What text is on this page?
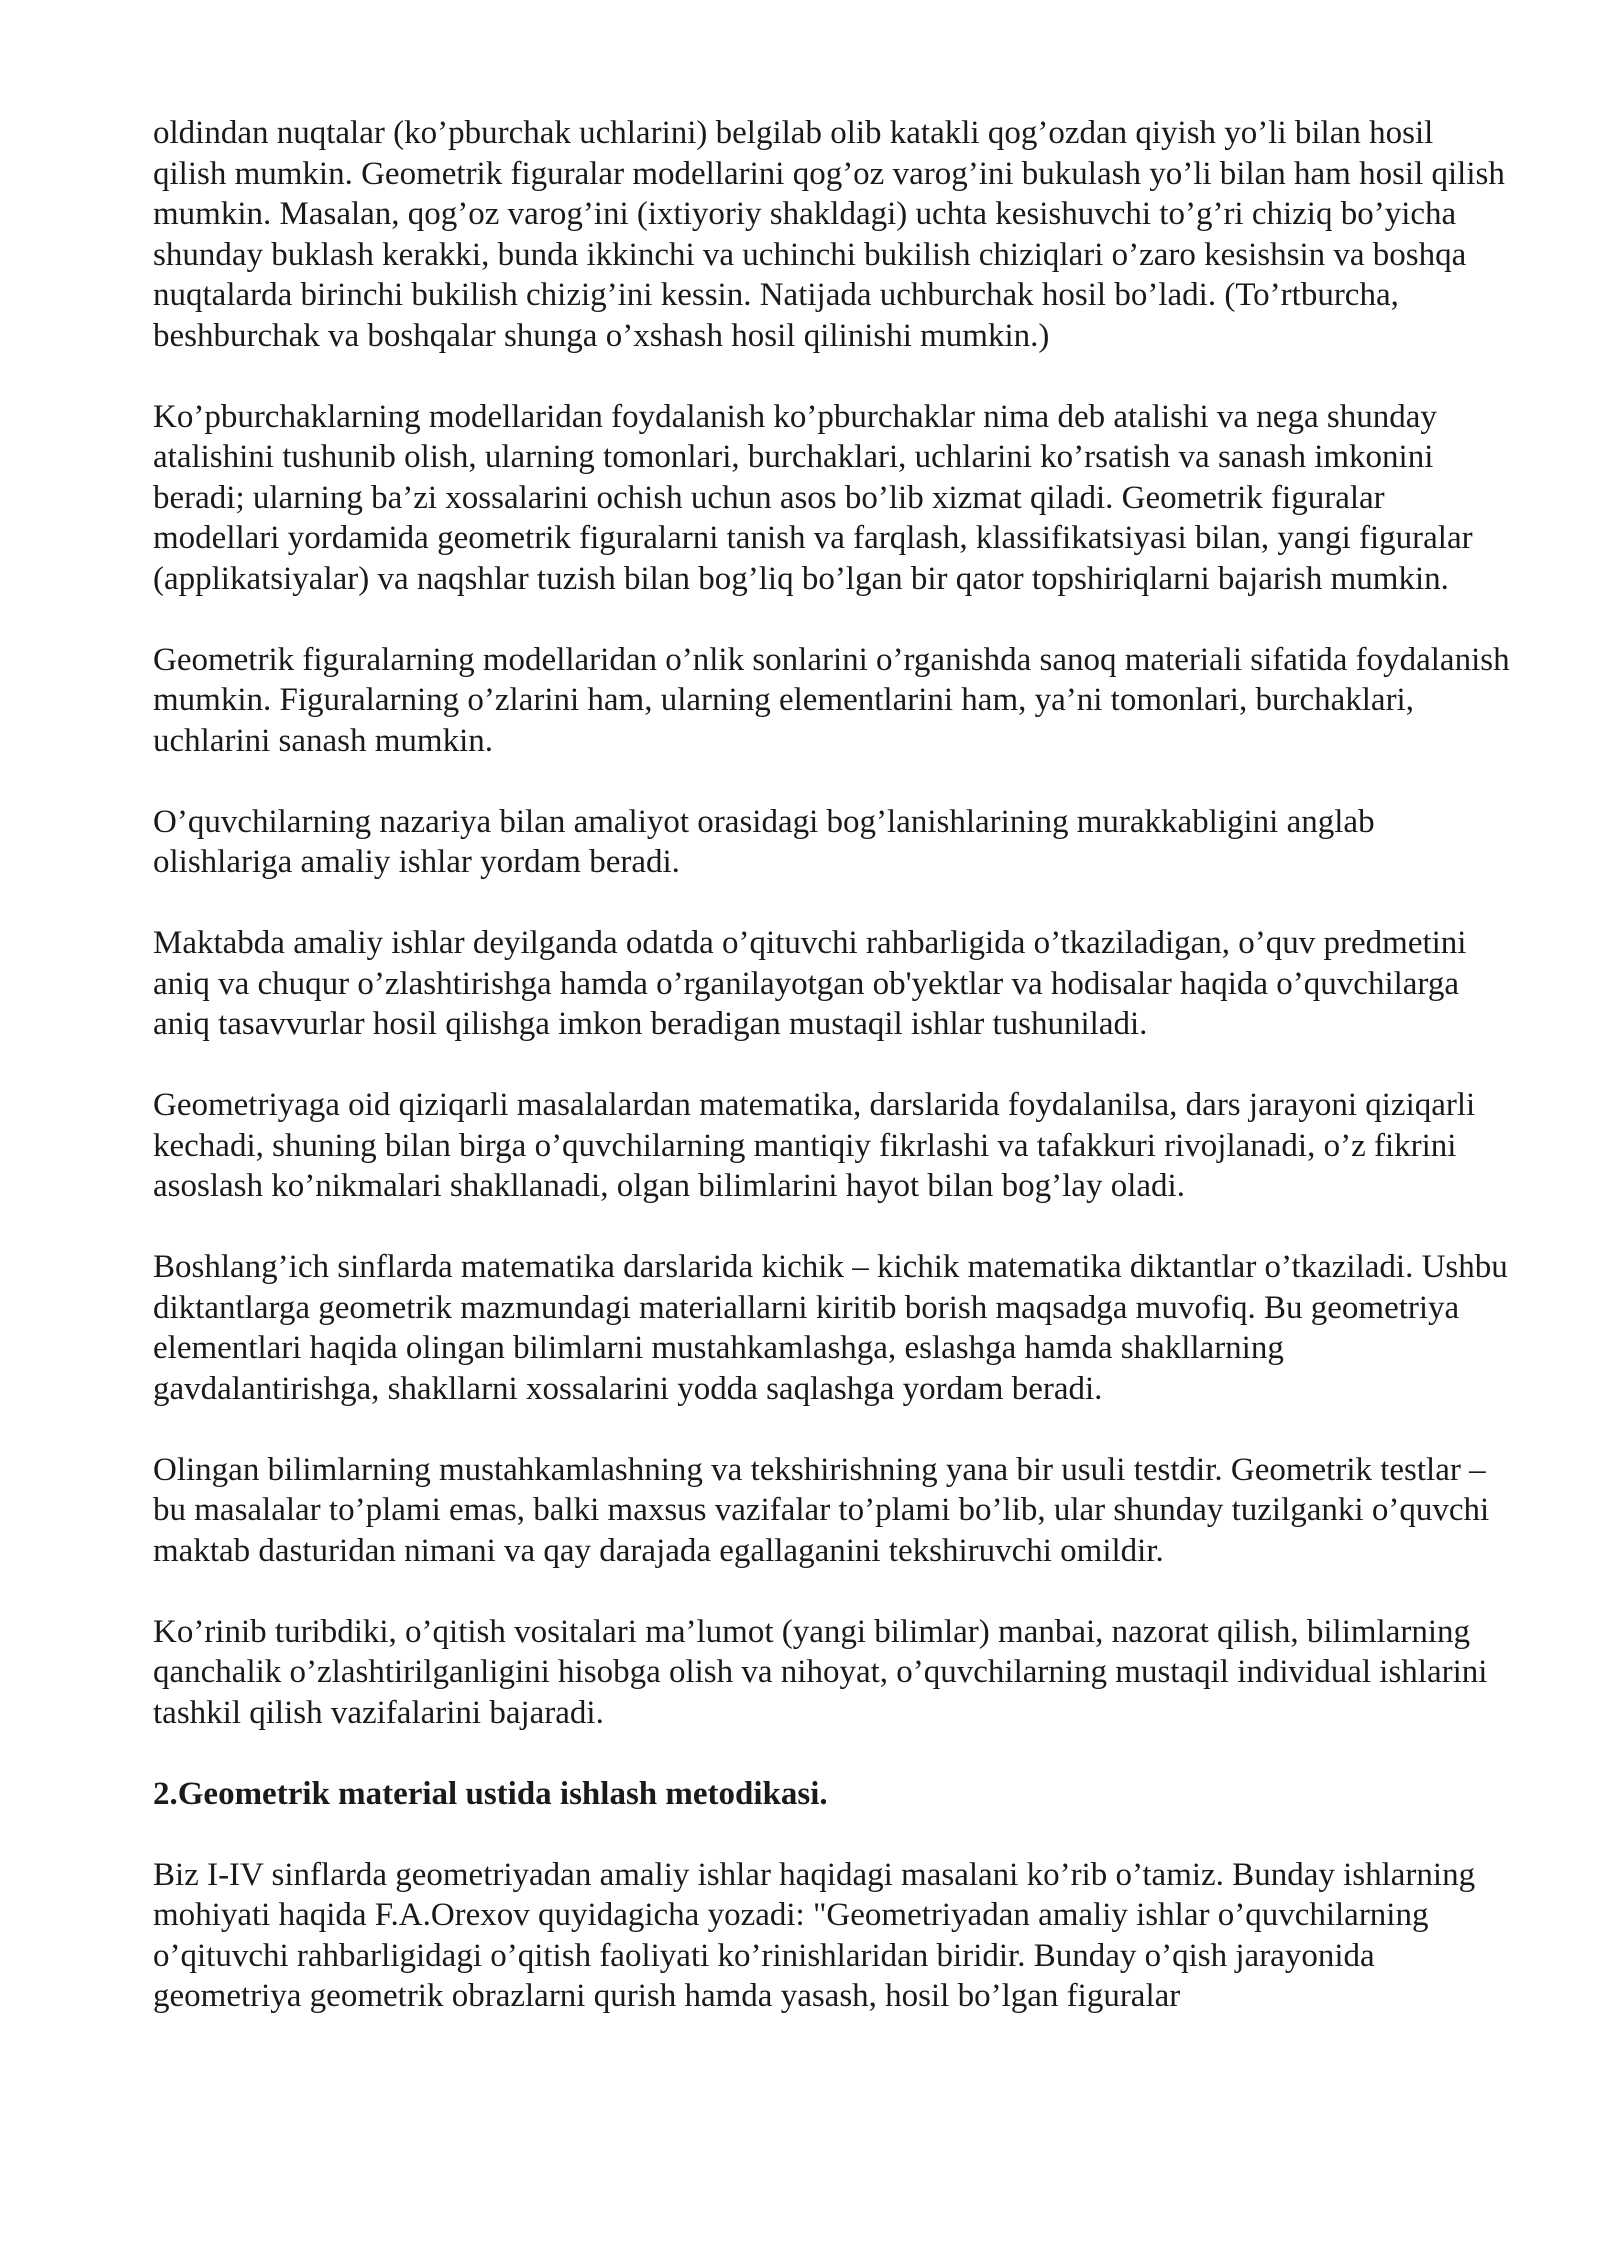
oldindan nuqtalar (ko’pburchak uchlarini) belgilab olib katakli qog’ozdan qiyish yo’li bilan hosil qilish mumkin. Geometrik figuralar modellarini qog’oz varog’ini bukulash yo’li bilan ham hosil qilish mumkin. Masalan, qog’oz varog’ini (ixtiyoriy shakldagi) uchta kesishuvchi to’g’ri chiziq bo’yicha shunday buklash kerakki, bunda ikkinchi va uchinchi bukilish chiziqlari o’zaro kesishsin va boshqa nuqtalarda birinchi bukilish chizig’ini kessin. Natijada uchburchak hosil bo’ladi. (To’rtburcha, beshburchak va boshqalar shunga o’xshash hosil qilinishi mumkin.)

Ko’pburchaklarning modellaridan foydalanish ko’pburchaklar nima deb atalishi va nega shunday atalishini tushunib olish, ularning tomonlari, burchaklari, uchlarini ko’rsatish va sanash imkonini beradi; ularning ba’zi xossalarini ochish uchun asos bo’lib xizmat qiladi. Geometrik figuralar modellari yordamida geometrik figuralarni tanish va farqlash, klassifikatsiyasi bilan, yangi figuralar (applikatsiyalar) va naqshlar tuzish bilan bog’liq bo’lgan bir qator topshiriqlarni bajarish mumkin.

Geometrik figuralarning modellaridan o’nlik sonlarini o’rganishda sanoq materiali sifatida foydalanish mumkin. Figuralarning o’zlarini ham, ularning elementlarini ham, ya’ni tomonlari, burchaklari, uchlarini sanash mumkin.

O’quvchilarning nazariya bilan amaliyot orasidagi bog’lanishlarining murakkabligini anglab olishlariga amaliy ishlar yordam beradi.

Maktabda amaliy ishlar deyilganda odatda o’qituvchi rahbarligida o’tkaziladigan, o’quv predmetini aniq va chuqur o’zlashtirishga hamda o’rganilayotgan ob'yektlar va hodisalar haqida o’quvchilarga aniq tasavvurlar hosil qilishga imkon beradigan mustaqil ishlar tushuniladi.

Geometriyaga oid qiziqarli masalalardan matematika, darslarida foydalanilsa, dars jarayoni qiziqarli kechadi, shuning bilan birga o’quvchilarning mantiqiy fikrlashi va tafakkuri rivojlanadi, o’z fikrini asoslash ko’nikmalari shakllanadi, olgan bilimlarini hayot bilan bog’lay oladi.

Boshlang’ich sinflarda matematika darslarida kichik – kichik matematika diktantlar o’tkaziladi. Ushbu diktantlarga geometrik mazmundagi materiallarni kiritib borish maqsadga muvofiq. Bu geometriya elementlari haqida olingan bilimlarni mustahkamlashga, eslashga hamda shakllarning gavdalantirishga, shakllarni xossalarini yodda saqlashga yordam beradi.

Olingan bilimlarning mustahkamlashning va tekshirishning yana bir usuli testdir. Geometrik testlar – bu masalalar to’plami emas, balki maxsus vazifalar to’plami bo’lib, ular shunday tuzilganki o’quvchi maktab dasturidan nimani va qay darajada egallaganini tekshiruvchi omildir.

Ko’rinib turibdiki, o’qitish vositalari ma’lumot (yangi bilimlar) manbai, nazorat qilish, bilimlarning qanchalik o’zlashtirilganligini hisobga olish va nihoyat, o’quvchilarning mustaqil individual ishlarini tashkil qilish vazifalarini bajaradi.

2.Geometrik material ustida ishlash metodikasi.

Biz I-IV sinflarda geometriyadan amaliy ishlar haqidagi masalani ko’rib o’tamiz. Bunday ishlarning mohiyati haqida F.A.Orexov quyidagicha yozadi: "Geometriyadan amaliy ishlar o’quvchilarning o’qituvchi rahbarligidagi o’qitish faoliyati ko’rinishlaridan biridir. Bunday o’qish jarayonida geometriya geometrik obrazlarni qurish hamda yasash, hosil bo’lgan figuralar
